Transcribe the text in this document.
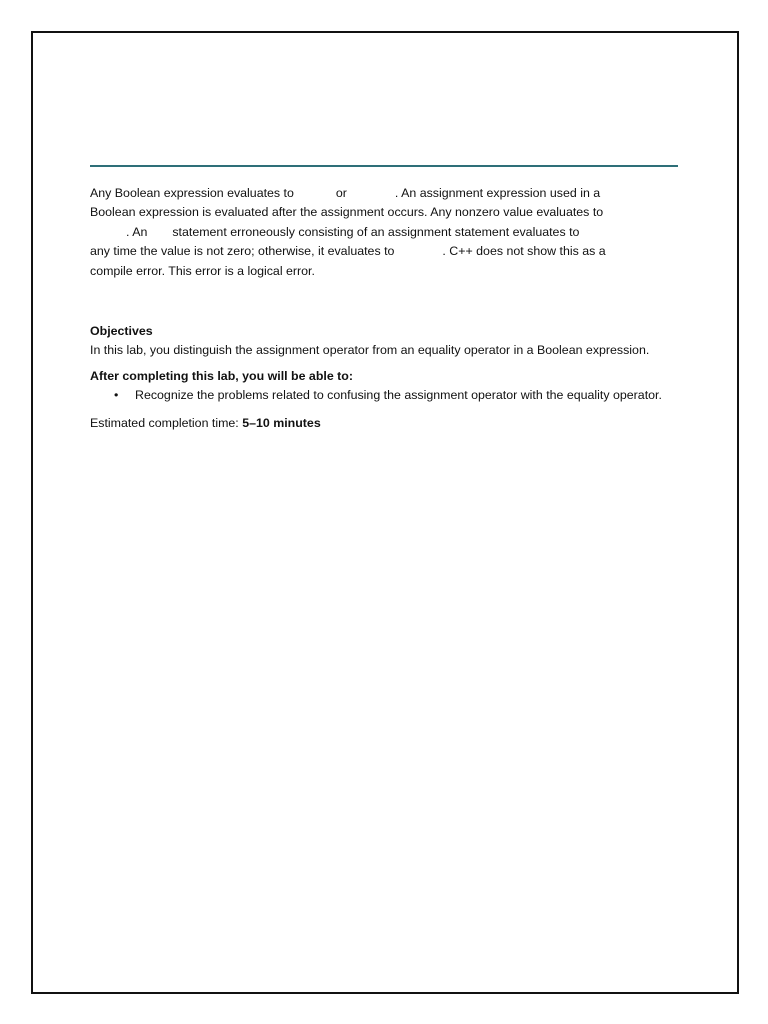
Any Boolean expression evaluates to	or	. An assignment expression used in a
Boolean expression is evaluated after the assignment occurs. Any nonzero value evaluates to
. An statement erroneously consisting of an assignment statement evaluates to
any time the value is not zero; otherwise, it evaluates to	. C++ does not show this as a
compile error. This error is a logical error.
Objectives
In this lab, you distinguish the assignment operator from an equality operator in a Boolean expression.
After completing this lab, you will be able to:
• Recognize the problems related to confusing the assignment operator with the equality operator.
Estimated completion time: 5–10 minutes
